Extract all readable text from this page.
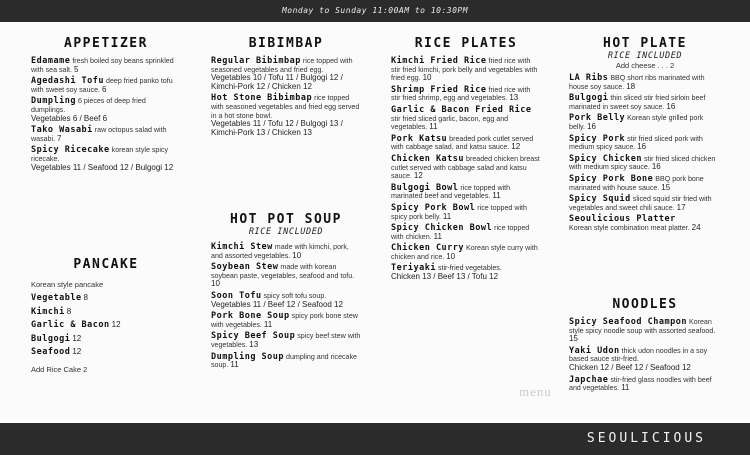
Monday to Sunday 11:00AM to 10:30PM
APPETIZER
Edamame fresh boiled soy beans sprinkled with sea salt. 5
Agedashi Tofu deep fried panko tofu with sweet soy sauce. 6
Dumpling 6 pieces of deep fried dumplings.
Vegetables 6 / Beef 6
Tako Wasabi raw octopus salad with wasabi. 7
Spicy Ricecake korean style spicy ricecake.
Vegetables 11 / Seafood 12 / Bulgogi 12
PANCAKE
Korean style pancake
Vegetable 8
Kimchi 8
Garlic & Bacon 12
Bulgogi 12
Seafood 12
Add Rice Cake 2
BIBIMBAP
Regular Bibimbap rice topped with seasoned vegetables and fried egg.
Vegetables 10 / Tofu 11 / Bulgogi 12 / Kimchi-Pork 12 / Chicken 12
Hot Stone Bibimbap rice topped with seasoned vegetables and fried egg served in a hot stone bowl.
Vegetables 11 / Tofu 12 / Bulgogi 13 / Kimchi-Pork 13 / Chicken 13
HOT POT SOUP
RICE INCLUDED
Kimchi Stew made with kimchi, pork, and assorted vegetables. 10
Soybean Stew made with korean soybean paste, vegetables, seafood and tofu. 10
Soon Tofu spicy soft tofu soup.
Vegetables 11 / Beef 12 / Seafood 12
Pork Bone Soup spicy pork bone stew with vegetables. 11
Spicy Beef Soup spicy beef stew with vegetables. 13
Dumpling Soup dumpling and ricecake soup. 11
RICE PLATES
Kimchi Fried Rice fried rice with stir fried kimchi, pork belly and vegetables with fried egg. 10
Shrimp Fried Rice fried rice with stir fried shrimp, egg and vegetables. 13
Garlic & Bacon Fried Rice stir fried sliced garlic, bacon, egg and vegetables. 11
Pork Katsu breaded pork cutlet served with cabbage salad, and katsu sauce. 12
Chicken Katsu breaded chicken breast cutlet served with cabbage salad and katsu sauce. 12
Bulgogi Bowl rice topped with marinated beef and vegetables. 11
Spicy Pork Bowl rice topped with spicy pork belly. 11
Spicy Chicken Bowl rice topped with chicken. 11
Chicken Curry Korean style curry with chicken and rice. 10
Teriyaki stir-fried vegetables.
Chicken 13 / Beef 13 / Tofu 12
HOT PLATE
RICE INCLUDED
Add cheese . . . 2
LA Ribs BBQ short ribs marinated with house soy sauce. 18
Bulgogi thin sliced stir fried sirloin beef marinated in sweet soy sauce. 16
Pork Belly Korean style grilled pork belly. 16
Spicy Pork stir fried sliced pork with medium spicy sauce. 16
Spicy Chicken stir fried sliced chicken with medium spicy sauce. 16
Spicy Pork Bone BBQ pork bone marinated with house sauce. 15
Spicy Squid sliced squid stir fried with vegetables and sweet chili sauce. 17
Seoulicious Platter
Korean style combination meat platter. 24
NOODLES
Spicy Seafood Champon Korean style spicy noodle soup with assorted seafood. 15
Yaki Udon thick udon noodles in a soy based sauce stir-fried.
Chicken 12 / Beef 12 / Seafood 12
Japchae stir-fried glass noodles with beef and vegetables. 11
menu
SEOULICIOUS
